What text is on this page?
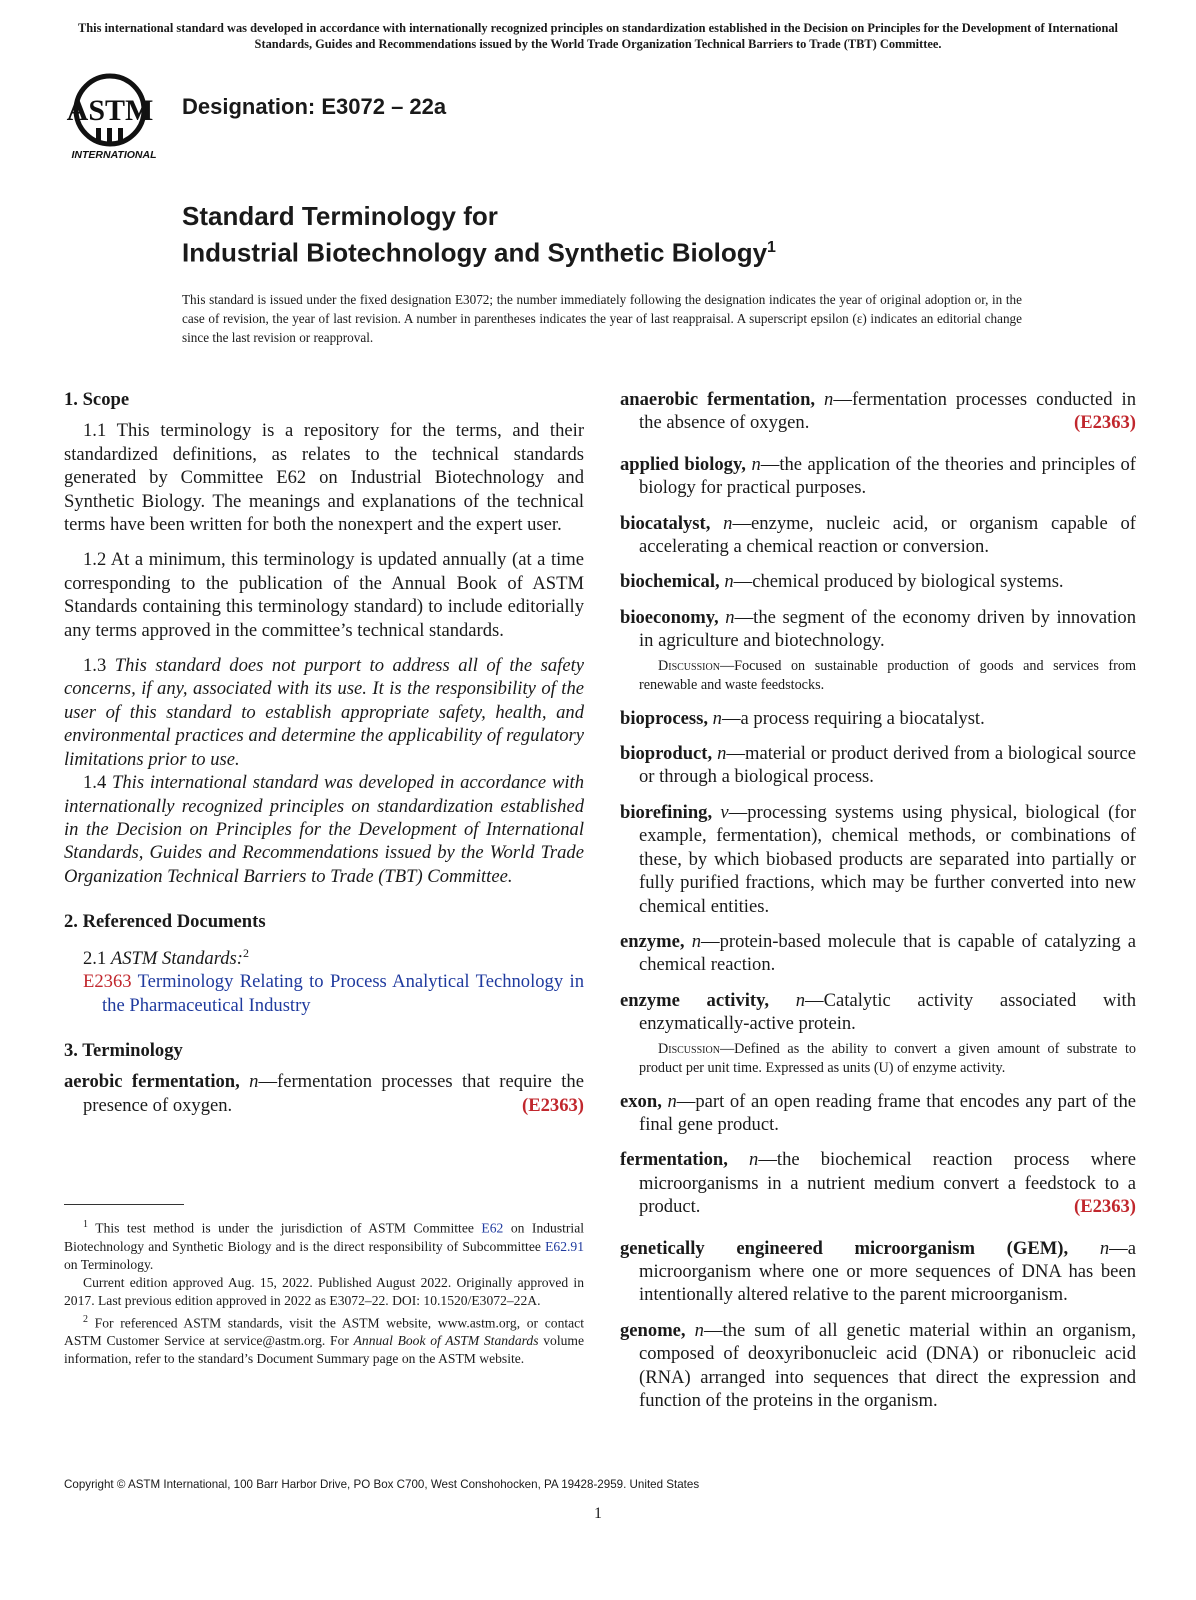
This international standard was developed in accordance with internationally recognized principles on standardization established in the Decision on Principles for the Development of International Standards, Guides and Recommendations issued by the World Trade Organization Technical Barriers to Trade (TBT) Committee.
ASTM
INTERNATIONAL
Designation: E3072 – 22a
Standard Terminology for
Industrial Biotechnology and Synthetic Biology$^1$
This standard is issued under the fixed designation E3072; the number immediately following the designation indicates the year of original adoption or, in the case of revision, the year of last revision. A number in parentheses indicates the year of last reappraisal. A superscript epsilon (ε) indicates an editorial change since the last revision or reapproval.
1. Scope

1.1 This terminology is a repository for the terms, and their standardized definitions, as relates to the technical standards generated by Committee E62 on Industrial Biotechnology and Synthetic Biology. The meanings and explanations of the technical terms have been written for both the nonexpert and the expert user.

1.2 At a minimum, this terminology is updated annually (at a time corresponding to the publication of the Annual Book of ASTM Standards containing this terminology standard) to include editorially any terms approved in the committee’s technical standards.

1.3 This standard does not purport to address all of the safety concerns, if any, associated with its use. It is the responsibility of the user of this standard to establish appropriate safety, health, and environmental practices and determine the applicability of regulatory limitations prior to use.

1.4 This international standard was developed in accordance with internationally recognized principles on standardization established in the Decision on Principles for the Development of International Standards, Guides and Recommendations issued by the World Trade Organization Technical Barriers to Trade (TBT) Committee.

2. Referenced Documents

2.1 ASTM Standards:$^2$

E2363 Terminology Relating to Process Analytical Technology in the Pharmaceutical Industry

3. Terminology

aerobic fermentation, n—fermentation processes that require the presence of oxygen.	(E2363)

anaerobic fermentation, n—fermentation processes conducted in the absence of oxygen.	(E2363)

applied biology, n—the application of the theories and principles of biology for practical purposes.

biocatalyst, n—enzyme, nucleic acid, or organism capable of accelerating a chemical reaction or conversion.

biochemical, n—chemical produced by biological systems.

bioeconomy, n—the segment of the economy driven by innovation in agriculture and biotechnology.

Discussion—Focused on sustainable production of goods and services from renewable and waste feedstocks.

bioprocess, n—a process requiring a biocatalyst.

bioproduct, n—material or product derived from a biological source or through a biological process.

biorefining, v—processing systems using physical, biological (for example, fermentation), chemical methods, or combinations of these, by which biobased products are separated into partially or fully purified fractions, which may be further converted into new chemical entities.

enzyme, n—protein-based molecule that is capable of catalyzing a chemical reaction.

enzyme activity, n—Catalytic activity associated with enzymatically-active protein.

Discussion—Defined as the ability to convert a given amount of substrate to product per unit time. Expressed as units (U) of enzyme activity.

exon, n—part of an open reading frame that encodes any part of the final gene product.

fermentation, n—the biochemical reaction process where microorganisms in a nutrient medium convert a feedstock to a product.	(E2363)

genetically engineered microorganism (GEM), n—a microorganism where one or more sequences of DNA has been intentionally altered relative to the parent microorganism.

genome, n—the sum of all genetic material within an organism, composed of deoxyribonucleic acid (DNA) or ribonucleic acid (RNA) arranged into sequences that direct the expression and function of the proteins in the organism.

$^1$ This test method is under the jurisdiction of ASTM Committee E62 on Industrial Biotechnology and Synthetic Biology and is the direct responsibility of Subcommittee E62.91 on Terminology.

Current edition approved Aug. 15, 2022. Published August 2022. Originally approved in 2017. Last previous edition approved in 2022 as E3072–22. DOI: 10.1520/E3072–22A.

$^2$ For referenced ASTM standards, visit the ASTM website, www.astm.org, or contact ASTM Customer Service at service@astm.org. For Annual Book of ASTM Standards volume information, refer to the standard’s Document Summary page on the ASTM website.

Copyright © ASTM International, 100 Barr Harbor Drive, PO Box C700, West Conshohocken, PA 19428-2959. United States
1
